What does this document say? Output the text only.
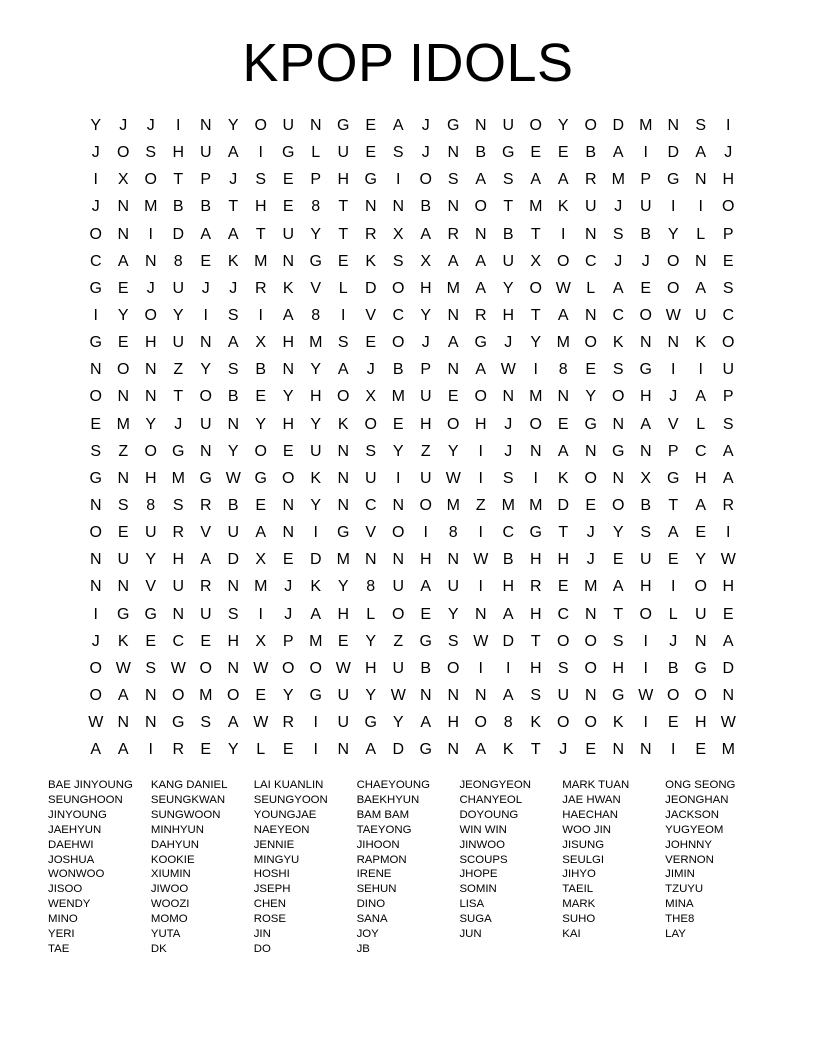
KPOP IDOLS
Y	J	J	I	N	Y O U N G E	A	J	G N U O Y O D M N	S	I
J	O S	H U	A	I	G	L	U	E	S	J	N	B G E	E	B	A	I	D	A	J
I	X O	T	P	J	S	E	P	H G	I	O S	A	S	A	A	R M P G N H
J	N M B	B	T	H	E	8	T	N N	B	N O	T M K	U	J	U	I	I	O
O N	I	D	A	A	T	U	Y	T	R	X	A	R N	B	T	I	N	S	B	Y	L	P
C	A	N	8	E	K M N G E	K	S	X	A	A	U	X O C	J	J	O N	E
G E	J	U	J	J	R	K	V	L	D O H M A	Y O W L	A	E O A	S
I	Y O Y	I	S	I	A	8	I	V	C	Y	N R H	T	A	N C O W U C
G E	H U N	A	X	H M S	E O	J	A G	J	Y M O K	N N	K O
N O N	Z	Y	S	B	N	Y	A	J	B	P	N	A W	I	8	E	S G	I	I	U
O N N	T	O B	E	Y	H O X M U	E O N M N	Y O H	J	A	P
E M Y	J	U N	Y	H	Y	K O E	H O H	J	O E G N	A	V	L	S
S	Z	O G N	Y O E	U N	S	Y	Z	Y	I	J	N	A	N G N	P	C	A
G N H M G W G O K	N U	I	U W	I	S	I	K O N	X G H	A
N	S	8	S	R	B	E	N	Y	N C N O M Z M M D	E O B	T	A	R
O E	U R	V	U	A	N	I	G V O	I	8	I	C G	T	J	Y	S	A	E	I
N U	Y	H	A	D	X	E	D M N N H N W B	H H	J	E	U	E	Y W
N N	V	U R N M	J	K	Y	8	U	A	U	I	H R	E M A	H	I	O H
I	G G N U	S	I	J	A	H	L	O E	Y	N	A	H C N	T	O	L	U	E
J	K	E	C	E	H	X	P M E	Y	Z	G S W D	T	O O S	I	J	N	A
O W S W O N W O O W H U	B O	I	I	H	S O H	I	B G D
O A	N O M O E	Y G U	Y W N N N	A	S	U N G W O O N
W N N G S	A W R	I	U G Y	A	H O	8	K O O K	I	E	H W
A	A	I	R	E	Y	L	E	I	N	A	D G N	A	K	T	J	E	N N	I	E M
BAE JINYOUNG
SEUNGHOON
JINYOUNG
JAEHYUN
DAEHWI
JOSHUA
WONWOO
JISOO
WENDY
MINO
YERI
TAE
KANG DANIEL
SEUNGKWAN
SUNGWOON
MINHYUN
DAHYUN
KOOKIE
XIUMIN
JIWOO
WOOZI
MOMO
YUTA
DK
LAI KUANLIN
SEUNGYOON
YOUNGJAE
NAEYEON
JENNIE
MINGYU
HOSHI
JSEPH
CHEN
ROSE
JIN
DO
CHAEYOUNG
BAEKHYUN
BAM BAM
TAEYONG
JIHOON
RAPMON
IRENE
SEHUN
DINO
SANA
JOY
JB
JEONGYEON
CHANYEOL
DOYOUNG
WIN WIN
JINWOO
SCOUPS
JHOPE
SOMIN
LISA
SUGA
JUN
MARK TUAN
JAE HWAN
HAECHAN
WOO JIN
JISUNG
SEULGI
JIHYO
TAEIL
MARK
SUHO
KAI
ONG SEONG
JEONGHAN
JACKSON
YUGYEOM
JOHNNY
VERNON
JIMIN
TZUYU
MINA
THE8
LAY
